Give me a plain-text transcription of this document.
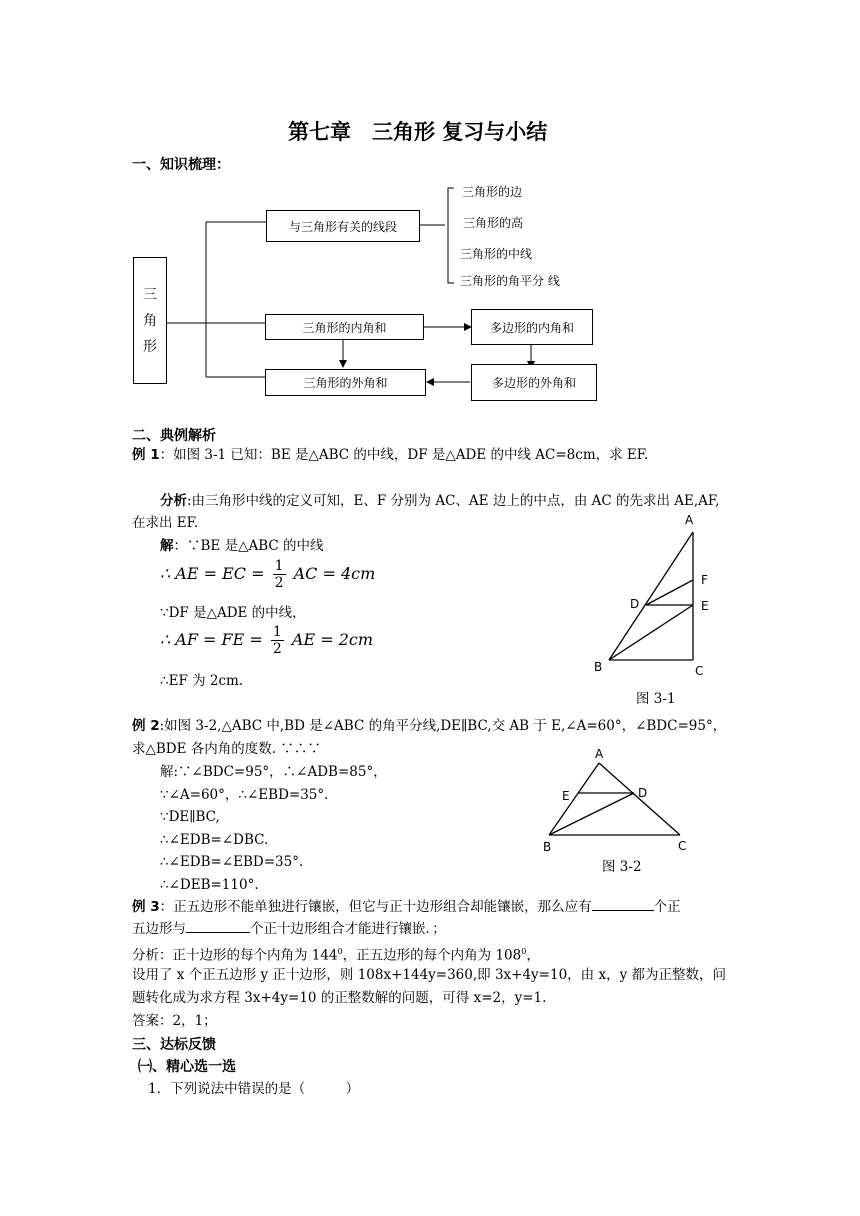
第七章　三角形 复习与小结
一、知识梳理：
三
角
形
与三角形有关的线段
三角形的内角和
三角形的外角和
多边形的内角和
多边形的外角和
三角形的边
三角形的高
三角形的中线
三角形的角平分 线
二、典例解析
例 1：如图 3-1 已知：BE 是△ABC 的中线，DF 是△ADE 的中线 AC=8cm，求 EF.
分析:由三角形中线的定义可知，E、F 分别为 AC、AE 边上的中点，由 AC 的先求出 AE,AF,
在求出 EF.
解：∵BE 是△ABC 的中线
∴ AE = EC = $\frac{1}{2}$ AC = 4cm
∵DF 是△ADE 的中线，
∴ AF = FE = $\frac{1}{2}$ AE = 2cm
∴EF 为 2cm.
A
F
D	E
B	C
图 3-1
例 2:如图 3-2,△ABC 中,BD 是∠ABC 的角平分线,DE∥BC,交 AB 于 E,∠A=60°，∠BDC=95°，
求△BDE 各内角的度数. ∵∴∵
解:∵∠BDC=95°，∴∠ADB=85°，
∵∠A=60°，∴∠EBD=35°.
∵DE∥BC,
∴∠EDB=∠DBC.
∴∠EDB=∠EBD=35°.
∴∠DEB=110°.
A
E	D
B	C
图 3-2
例 3：正五边形不能单独进行镶嵌，但它与正十边形组合却能镶嵌，那么应有	个正
五边形与	个正十边形组合才能进行镶嵌．；
分析：正十边形的每个内角为 $144^0$，正五边形的每个内角为 $108^0$，
设用了 x 个正五边形 y 正十边形，则 108x+144y=360,即 3x+4y=10，由 x，y 都为正整数，问
题转化成为求方程 3x+4y=10 的正整数解的问题，可得 x=2，y=1.
答案：2，1；
三、达标反馈
㈠、精心选一选
1．下列说法中错误的是（　　　）
